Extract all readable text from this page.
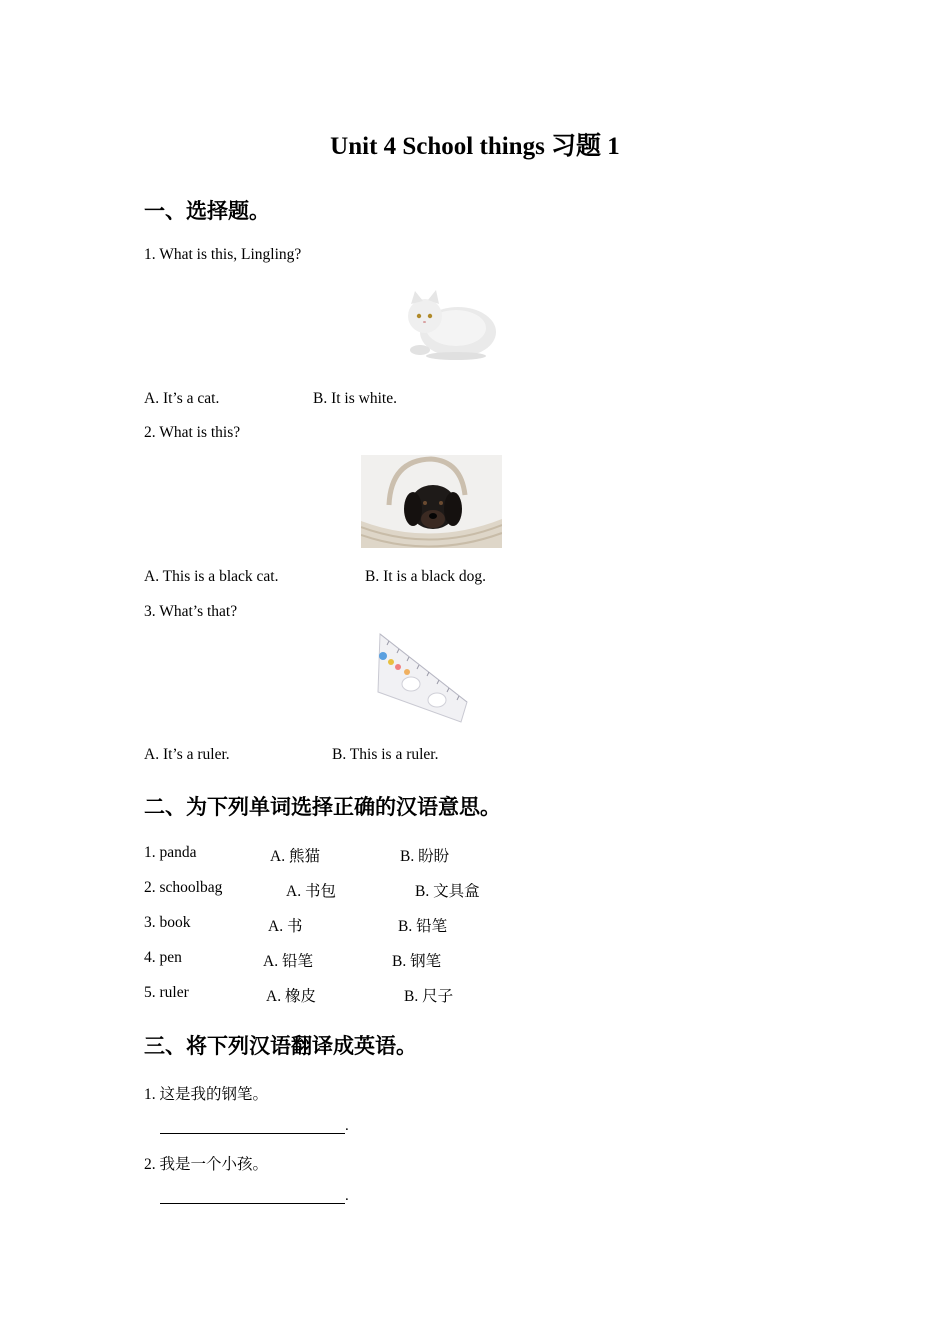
Unit 4 School things 习题 1
一、选择题。
1. What is this, Lingling?
A. It’s a cat.	B. It is white.
2. What is this?
A. This is a black cat.	B. It is a black dog.
3. What’s that?
A. It’s a ruler.	B. This is a ruler.
二、为下列单词选择正确的汉语意思。
1. panda	A. 熊猫	B. 盼盼
2. schoolbag	A. 书包	B. 文具盒
3. book	A. 书	B. 铅笔
4. pen	A. 铅笔	B. 钢笔
5. ruler	A. 橡皮	B. 尺子
三、将下列汉语翻译成英语。
1. 这是我的钢笔。
.
2. 我是一个小孩。
.
